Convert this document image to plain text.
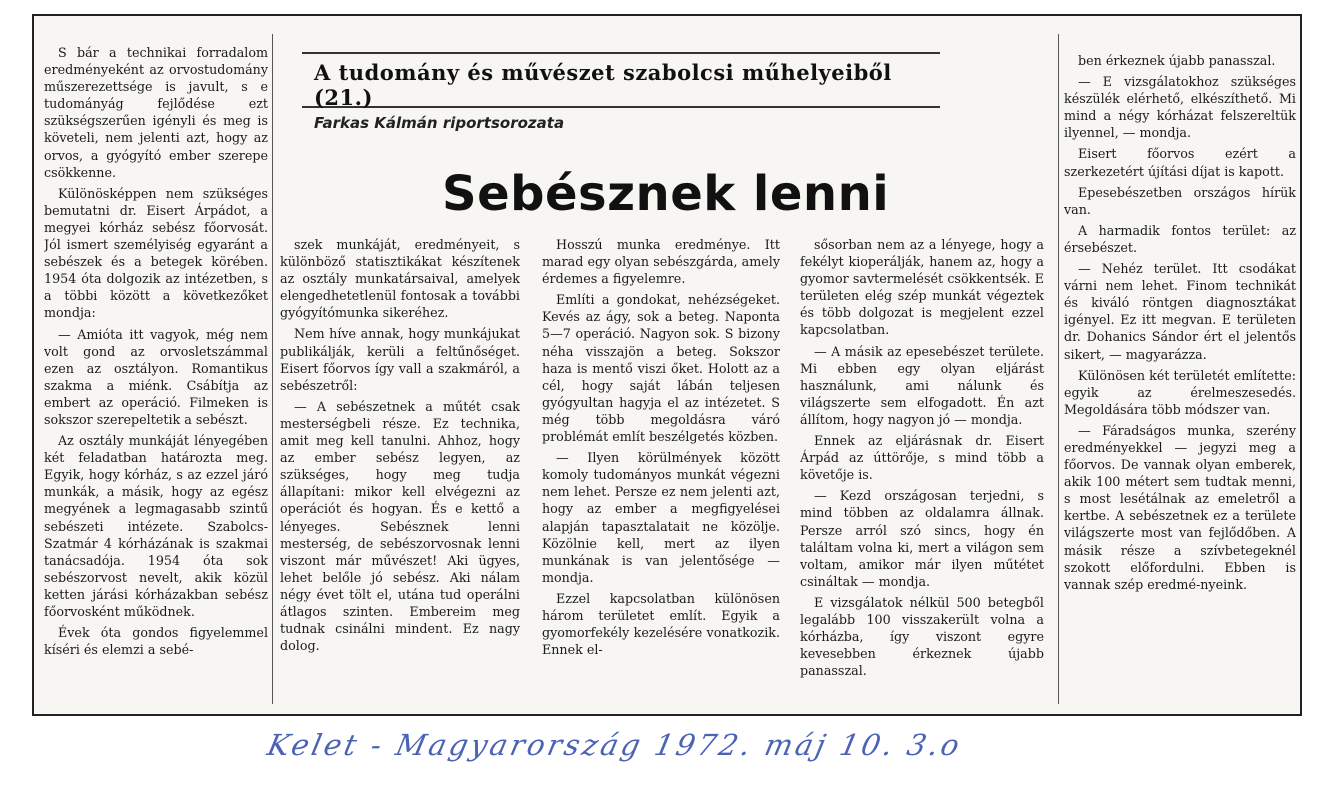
A tudomány és művészet szabolcsi műhelyeiből (21.)
Farkas Kálmán riportsorozata
Sebésznek lenni

S bár a technikai forradalom eredményeként az orvostudomány műszerezettsége is javult, s e tudományág fejlődése ezt szükségszerűen igényli és meg is követeli, nem jelenti azt, hogy az orvos, a gyógyító ember szerepe csökkenne.

Különösképpen nem szükséges bemutatni dr. Eisert Árpádot, a megyei kórház sebész főorvosát. Jól ismert személyiség egyaránt a sebészek és a betegek körében. 1954 óta dolgozik az intézetben, s a többi között a következőket mondja:

— Amióta itt vagyok, még nem volt gond az orvosletszámmal ezen az osztályon. Romantikus szakma a miénk. Csábítja az embert az operáció. Filmeken is sokszor szerepeltetik a sebészt.

Az osztály munkáját lényegében két feladatban határozta meg. Egyik, hogy kórház, s az ezzel járó munkák, a másik, hogy az egész megyének a legmagasabb szintű sebészeti intézete. Szabolcs-Szatmár 4 kórházának is szakmai tanácsadója. 1954 óta sok sebészorvost nevelt, akik közül ketten járási kórházakban sebész főorvosként működnek.

Évek óta gondos figyelemmel kíséri és elemzi a sebé-

szek munkáját, eredményeit, s különböző statisztikákat készítenek az osztály munkatársaival, amelyek elengedhetetlenül fontosak a további gyógyítómunka sikeréhez.

Nem híve annak, hogy munkájukat publikálják, kerüli a feltűnőséget. Eisert főorvos így vall a szakmáról, a sebészetről:

— A sebészetnek a műtét csak mesterségbeli része. Ez technika, amit meg kell tanulni. Ahhoz, hogy az ember sebész legyen, az szükséges, hogy meg tudja állapítani: mikor kell elvégezni az operációt és hogyan. És e kettő a lényeges. Sebésznek lenni mesterség, de sebészorvosnak lenni viszont már művészet! Aki ügyes, lehet belőle jó sebész. Aki nálam négy évet tölt el, utána tud operálni átlagos szinten. Embereim meg tudnak csinálni mindent. Ez nagy dolog.

Hosszú munka eredménye. Itt marad egy olyan sebészgárda, amely érdemes a figyelemre.

Említi a gondokat, nehézségeket. Kevés az ágy, sok a beteg. Naponta 5—7 operáció. Nagyon sok. S bizony néha visszajön a beteg. Sokszor haza is mentő viszi őket. Holott az a cél, hogy saját lábán teljesen gyógyultan hagyja el az intézetet. S még több megoldásra váró problémát említ beszélgetés közben.

— Ilyen körülmények között komoly tudományos munkát végezni nem lehet. Persze ez nem jelenti azt, hogy az ember a megfigyelései alapján tapasztalatait ne közölje. Közölnie kell, mert az ilyen munkának is van jelentősége — mondja.

Ezzel kapcsolatban különösen három területet említ. Egyik a gyomorfekély kezelésére vonatkozik. Ennek el-

sősorban nem az a lényege, hogy a fekélyt kioperálják, hanem az, hogy a gyomor savtermelését csökkentsék. E területen elég szép munkát végeztek és több dolgozat is megjelent ezzel kapcsolatban.

— A másik az epesebészet területe. Mi ebben egy olyan eljárást használunk, ami nálunk és világszerte sem elfogadott. Én azt állítom, hogy nagyon jó — mondja.

Ennek az eljárásnak dr. Eisert Árpád az úttörője, s mind több a követője is.

— Kezd országosan terjedni, s mind többen az oldalamra állnak. Persze arról szó sincs, hogy én találtam volna ki, mert a világon sem voltam, amikor már ilyen műtétet csináltak — mondja.

E vizsgálatok nélkül 500 betegből legalább 100 visszakerült volna a kórházba, így viszont egyre kevesebben érkeznek újabb panasszal.

ben érkeznek újabb panasszal.

— E vizsgálatokhoz szükséges készülék elérhető, elkészíthető. Mi mind a négy kórházat felszereltük ilyennel, — mondja.

Eisert főorvos ezért a szerkezetért újítási díjat is kapott.

Epesebészetben országos hírük van.

A harmadik fontos terület: az érsebészet.

— Nehéz terület. Itt csodákat várni nem lehet. Finom technikát és kiváló röntgen diagnosztákat igényel. Ez itt megvan. E területen dr. Dohanics Sándor ért el jelentős sikert, — magyarázza.

Különösen két területét említette: egyik az érelmeszesedés. Megoldására több módszer van.

— Fáradságos munka, szerény eredményekkel — jegyzi meg a főorvos. De vannak olyan emberek, akik 100 métert sem tudtak menni, s most lesétálnak az emeletről a kertbe. A sebészetnek ez a területe világszerte most van fejlődőben. A másik része a szívbetegeknél szokott előfordulni. Ebben is vannak szép eredmé-nyeink.

Kelet - Magyarország 1972. máj 10. 3.o
